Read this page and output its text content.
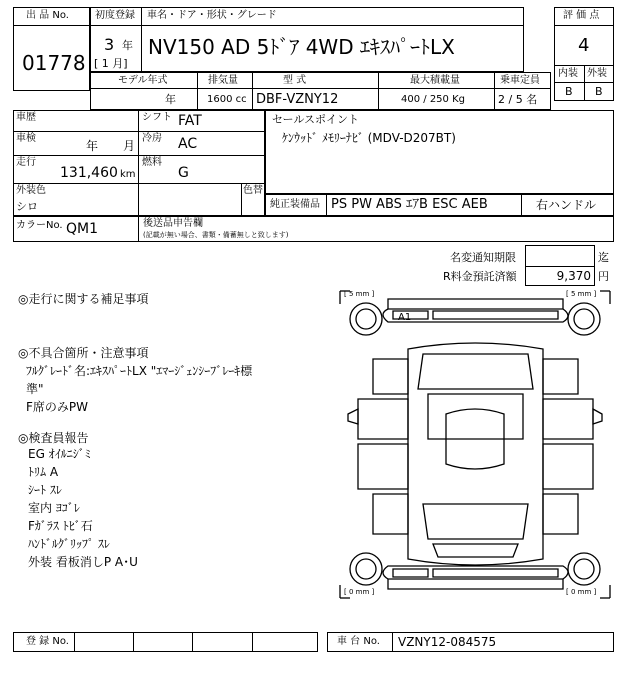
出 品 No.
01778
初度登録 車名・ドア・形状・グレード
3 年
[ 1 月]
NV150 AD 5ﾄﾞｱ 4WD ｴｷｽﾊﾟｰﾄLX
評 価 点
4
内装 外装
B B
モデル年式	排気量	型 式	最大積載量	乗車定員
年	1600 cc DBF-VZNY12	400 / 250 Kg	2 / 5 名
車歴	シフト FAT
車検
年 月
冷房 AC
走行
131,460 km
燃料
G
外装色
シロ
色替
セールスポイント
ｹﾝｳｯﾄﾞ ﾒﾓﾘｰﾅﾋﾞ (MDV-D207BT)
純正装備品 PS PW ABS ｴｱB ESC AEB	右ハンドル
カラーNo. QM1	後送品申告欄
(記載が無い場合、書類・備蓄無しと致します)
名変通知期限	迄
R料金預託済額	9,370 円
◎走行に関する補足事項
◎不具合箇所・注意事項
ﾌﾙｸﾞﾚｰﾄﾞ名:ｴｷｽﾊﾟｰﾄLX "ｴﾏｰｼﾞｪﾝｼｰﾌﾞﾚｰｷ標
準"
F席のみPW
◎検査員報告
EG ｵｲﾙﾆｼﾞﾐ
ﾄﾘﾑ A
ｼｰﾄ ｽﾚ
室内 ﾖｺﾞﾚ
Fｶﾞﾗｽ ﾄﾋﾞ石
ﾊﾝﾄﾞﾙｸﾞﾘｯﾌﾟ ｽﾚ
外装 看板消しP A･U
[ 5 mm ]	[ 5 mm ]
[ 0 mm ]	[ 0 mm ]
A1
登 録 No.	車 台 No. VZNY12-084575
